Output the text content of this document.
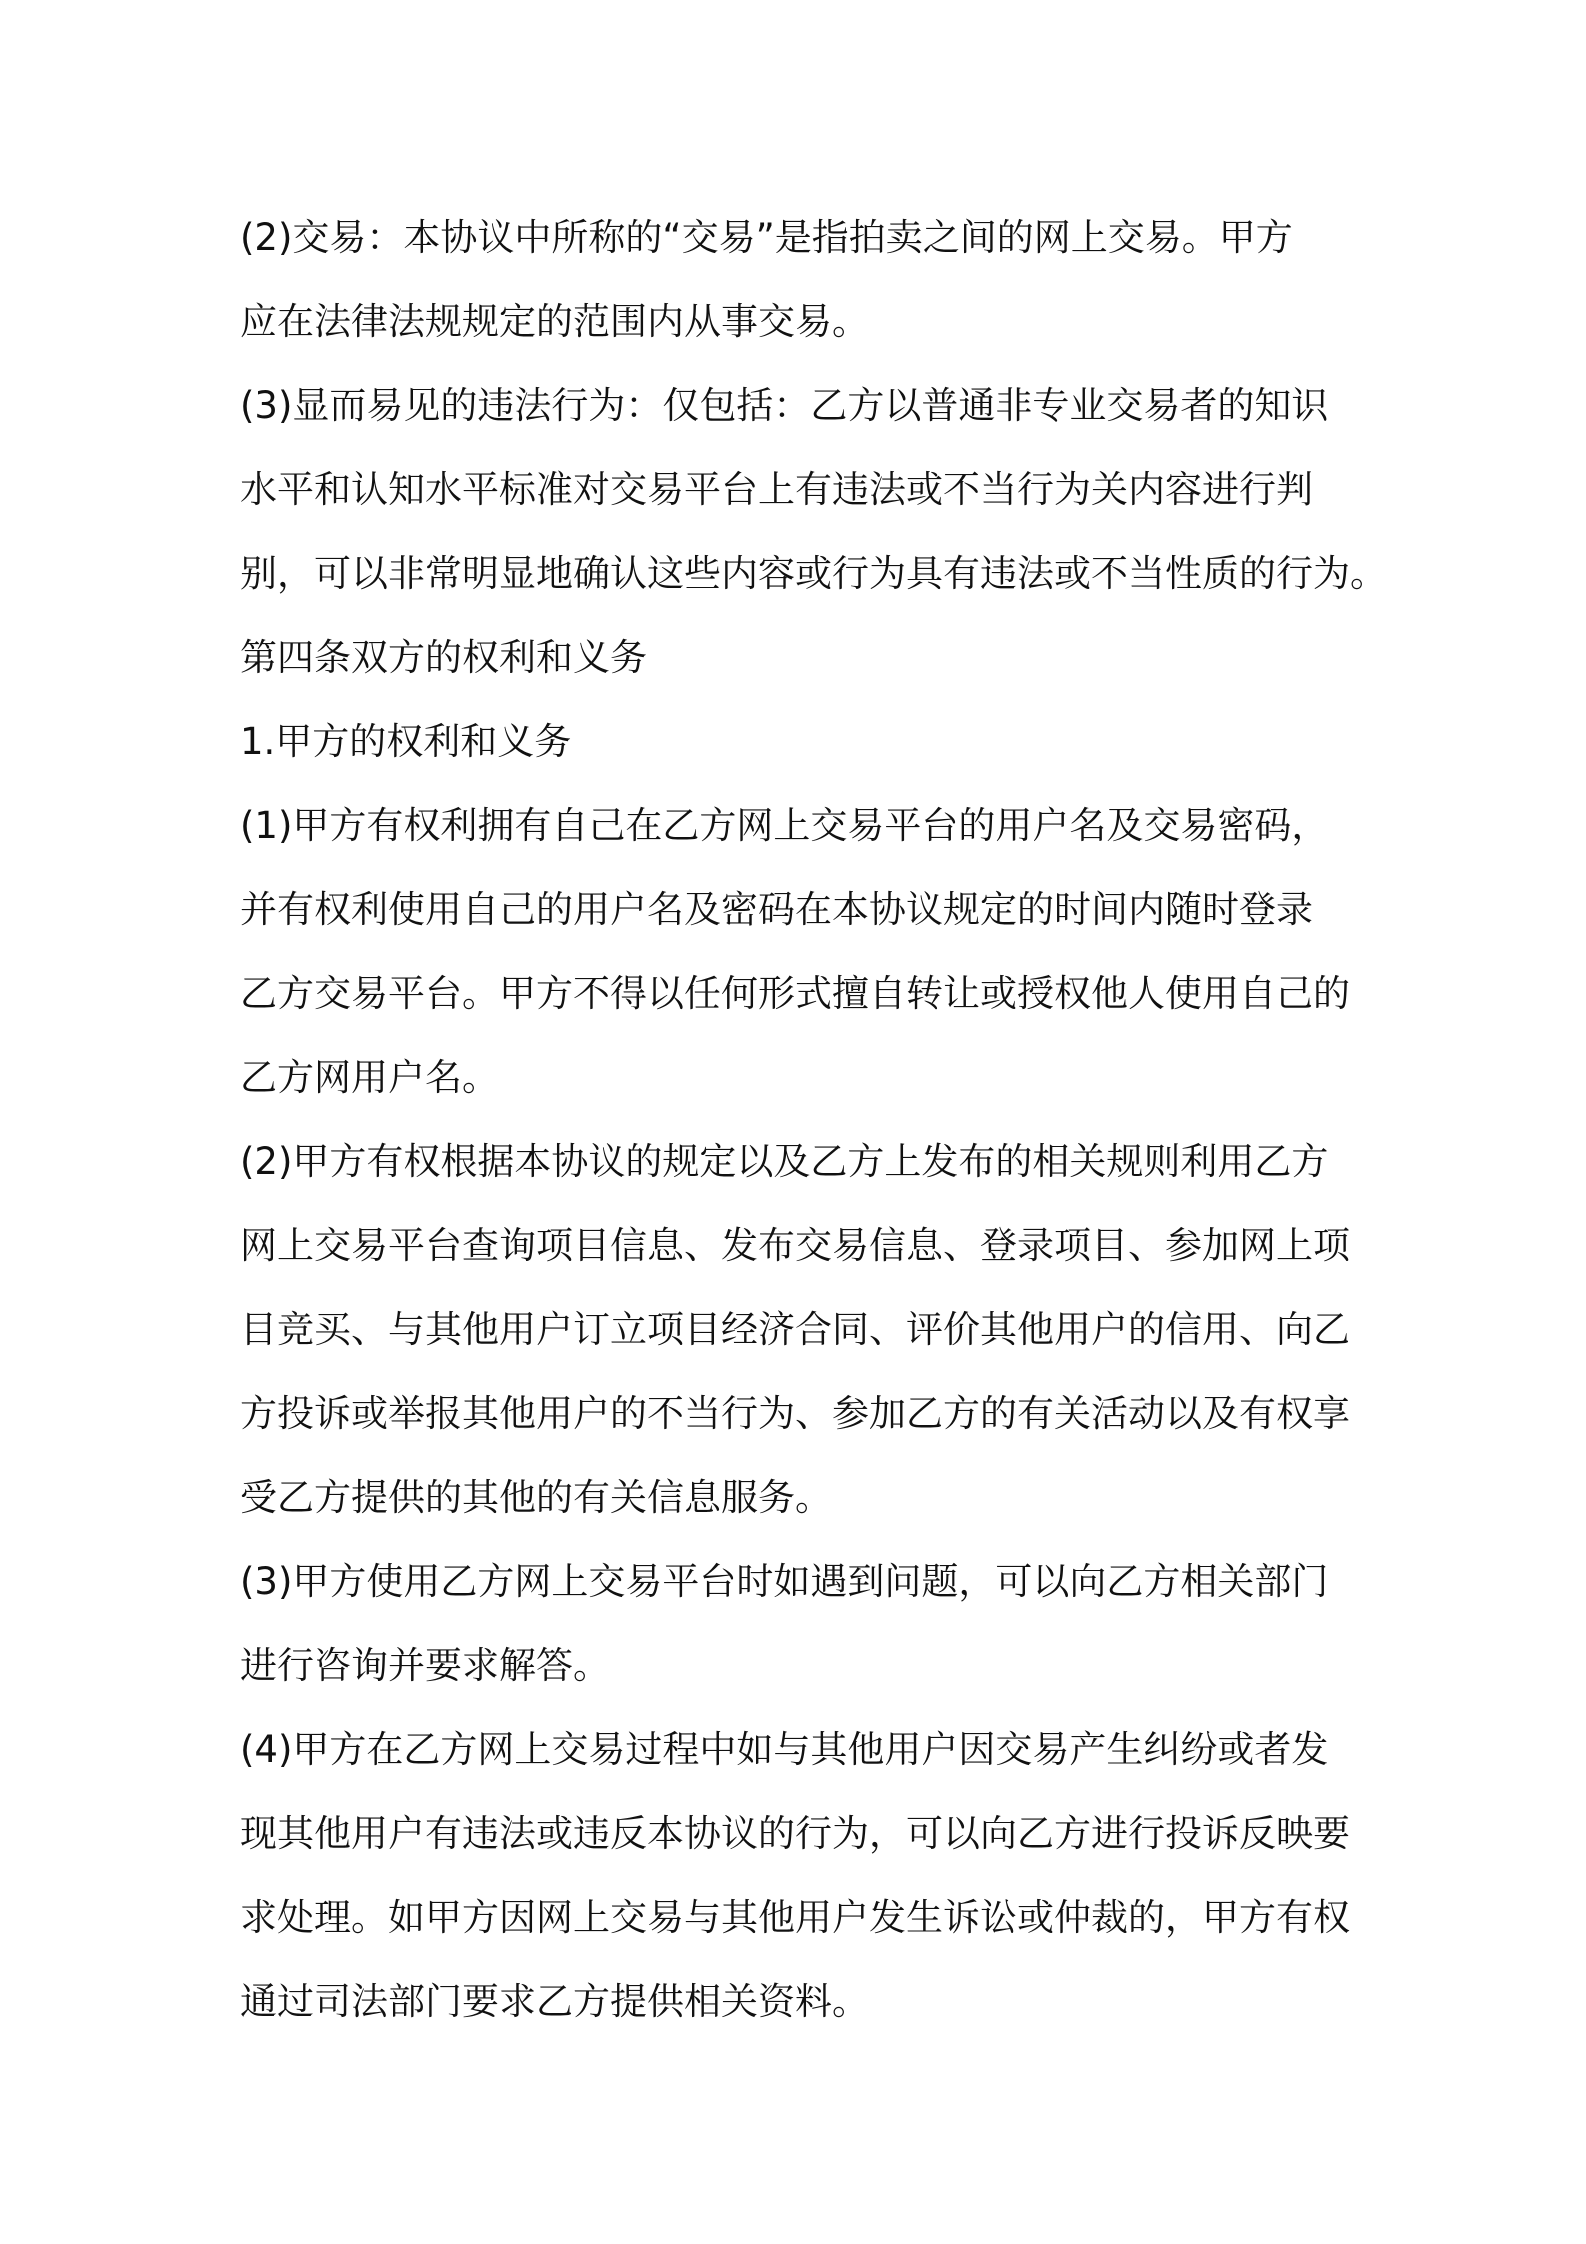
(2)交易：本协议中所称的“交易”是指拍卖之间的网上交易。甲方
应在法律法规规定的范围内从事交易。
(3)显而易见的违法行为：仅包括：乙方以普通非专业交易者的知识
水平和认知水平标准对交易平台上有违法或不当行为关内容进行判
别，可以非常明显地确认这些内容或行为具有违法或不当性质的行为。
第四条双方的权利和义务
1.甲方的权利和义务
(1)甲方有权利拥有自己在乙方网上交易平台的用户名及交易密码，
并有权利使用自己的用户名及密码在本协议规定的时间内随时登录
乙方交易平台。甲方不得以任何形式擅自转让或授权他人使用自己的
乙方网用户名。
(2)甲方有权根据本协议的规定以及乙方上发布的相关规则利用乙方
网上交易平台查询项目信息、发布交易信息、登录项目、参加网上项
目竞买、与其他用户订立项目经济合同、评价其他用户的信用、向乙
方投诉或举报其他用户的不当行为、参加乙方的有关活动以及有权享
受乙方提供的其他的有关信息服务。
(3)甲方使用乙方网上交易平台时如遇到问题，可以向乙方相关部门
进行咨询并要求解答。
(4)甲方在乙方网上交易过程中如与其他用户因交易产生纠纷或者发
现其他用户有违法或违反本协议的行为，可以向乙方进行投诉反映要
求处理。如甲方因网上交易与其他用户发生诉讼或仲裁的，甲方有权
通过司法部门要求乙方提供相关资料。
